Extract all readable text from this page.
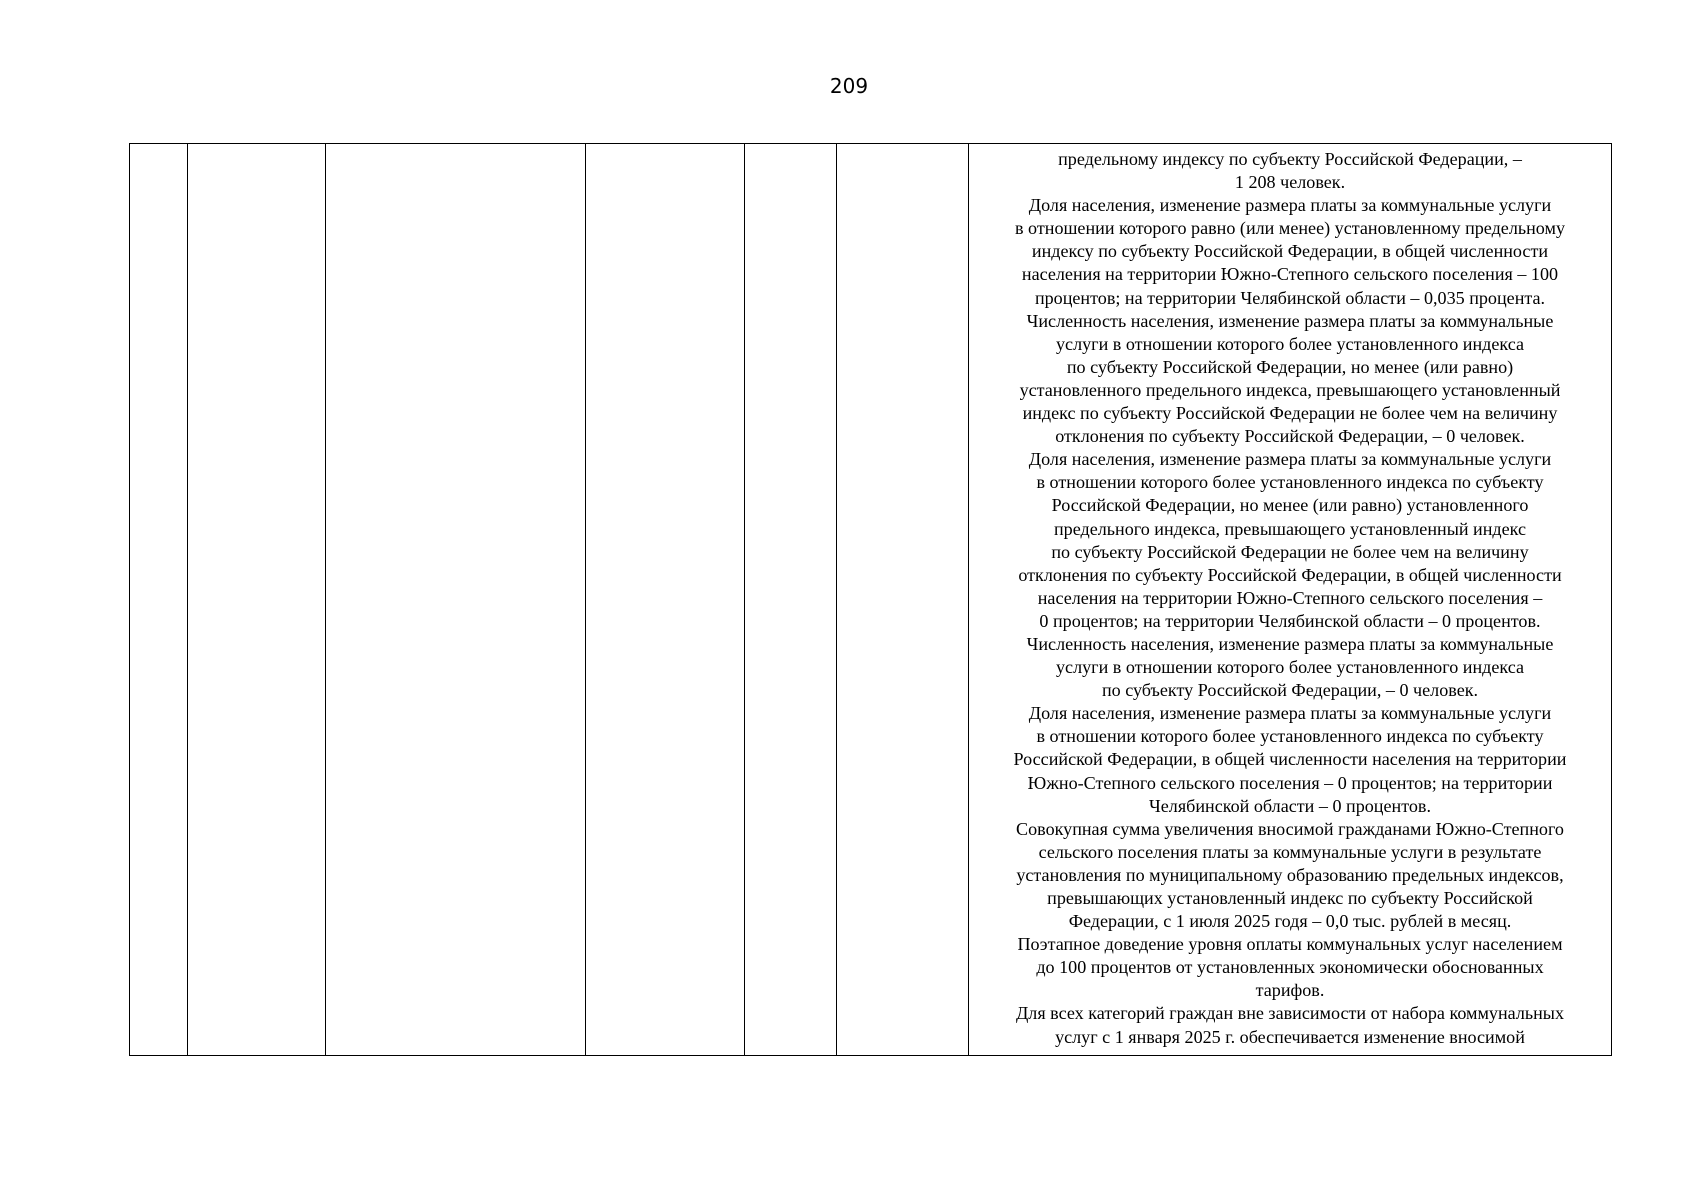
209

предельному индексу по субъекту Российской Федерации, –
1 208 человек.
Доля населения, изменение размера платы за коммунальные услуги
в отношении которого равно (или менее) установленному предельному
индексу по субъекту Российской Федерации, в общей численности
населения на территории Южно-Степного сельского поселения – 100
процентов; на территории Челябинской области – 0,035 процента.
Численность населения, изменение размера платы за коммунальные
услуги в отношении которого более установленного индекса
по субъекту Российской Федерации, но менее (или равно)
установленного предельного индекса, превышающего установленный
индекс по субъекту Российской Федерации не более чем на величину
отклонения по субъекту Российской Федерации, – 0 человек.
Доля населения, изменение размера платы за коммунальные услуги
в отношении которого более установленного индекса по субъекту
Российской Федерации, но менее (или равно) установленного
предельного индекса, превышающего установленный индекс
по субъекту Российской Федерации не более чем на величину
отклонения по субъекту Российской Федерации, в общей численности
населения на территории Южно-Степного сельского поселения –
0 процентов; на территории Челябинской области – 0 процентов.
Численность населения, изменение размера платы за коммунальные
услуги в отношении которого более установленного индекса
по субъекту Российской Федерации, – 0 человек.
Доля населения, изменение размера платы за коммунальные услуги
в отношении которого более установленного индекса по субъекту
Российской Федерации, в общей численности населения на территории
Южно-Степного сельского поселения – 0 процентов; на территории
Челябинской области – 0 процентов.
Совокупная сумма увеличения вносимой гражданами Южно-Степного
сельского поселения платы за коммунальные услуги в результате
установления по муниципальному образованию предельных индексов,
превышающих установленный индекс по субъекту Российской
Федерации, с 1 июля 2025 годя – 0,0 тыс. рублей в месяц.
Поэтапное доведение уровня оплаты коммунальных услуг населением
до 100 процентов от установленных экономически обоснованных
тарифов.
Для всех категорий граждан вне зависимости от набора коммунальных
услуг с 1 января 2025 г. обеспечивается изменение вносимой
